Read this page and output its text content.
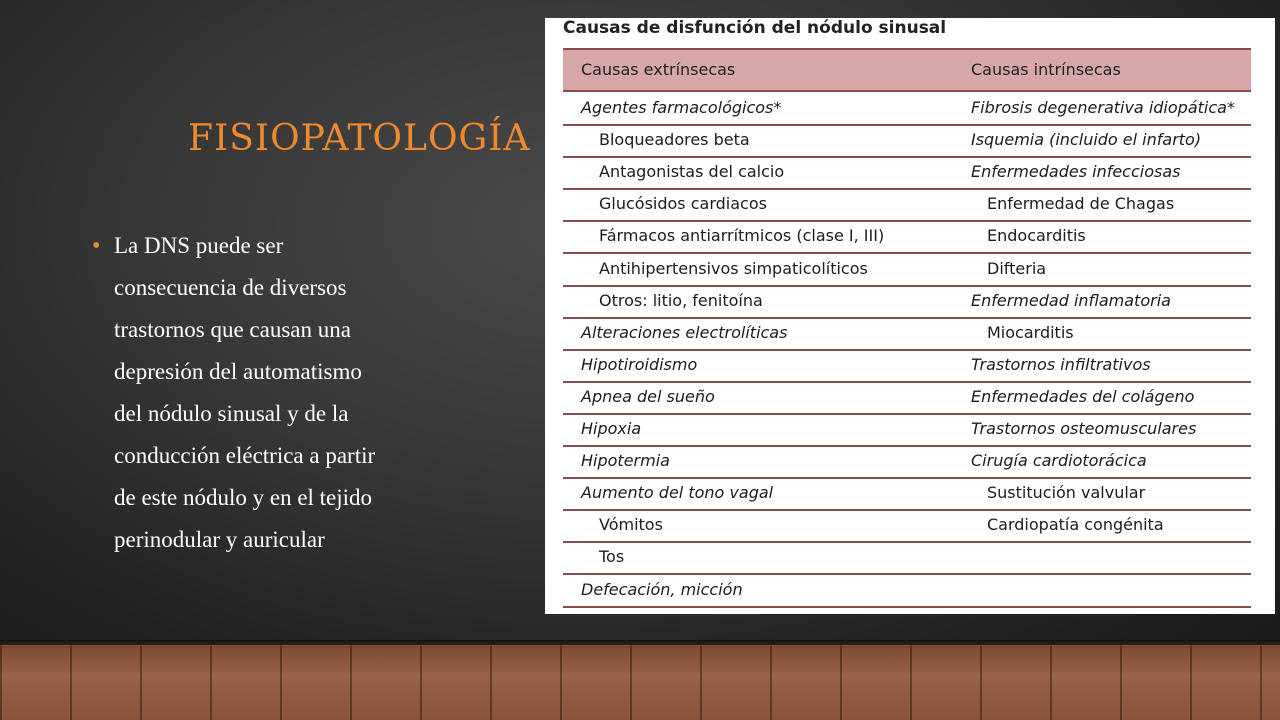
FISIOPATOLOGÍA
• La DNS puede ser
consecuencia de diversos
trastornos que causan una
depresión del automatismo
del nódulo sinusal y de la
conducción eléctrica a partir
de este nódulo y en el tejido
perinodular y auricular
Causas de disfunción del nódulo sinusal
Causas extrínsecas	Causas intrínsecas
Agentes farmacológicos*	Fibrosis degenerativa idiopática*
Bloqueadores beta	Isquemia (incluido el infarto)
Antagonistas del calcio	Enfermedades infecciosas
Glucósidos cardiacos	Enfermedad de Chagas
Fármacos antiarrítmicos (clase I, III)	Endocarditis
Antihipertensivos simpaticolíticos	Difteria
Otros: litio, fenitoína	Enfermedad inflamatoria
Alteraciones electrolíticas	Miocarditis
Hipotiroidismo	Trastornos infiltrativos
Apnea del sueño	Enfermedades del colágeno
Hipoxia	Trastornos osteomusculares
Hipotermia	Cirugía cardiotorácica
Aumento del tono vagal	Sustitución valvular
Vómitos	Cardiopatía congénita
Tos
Defecación, micción
